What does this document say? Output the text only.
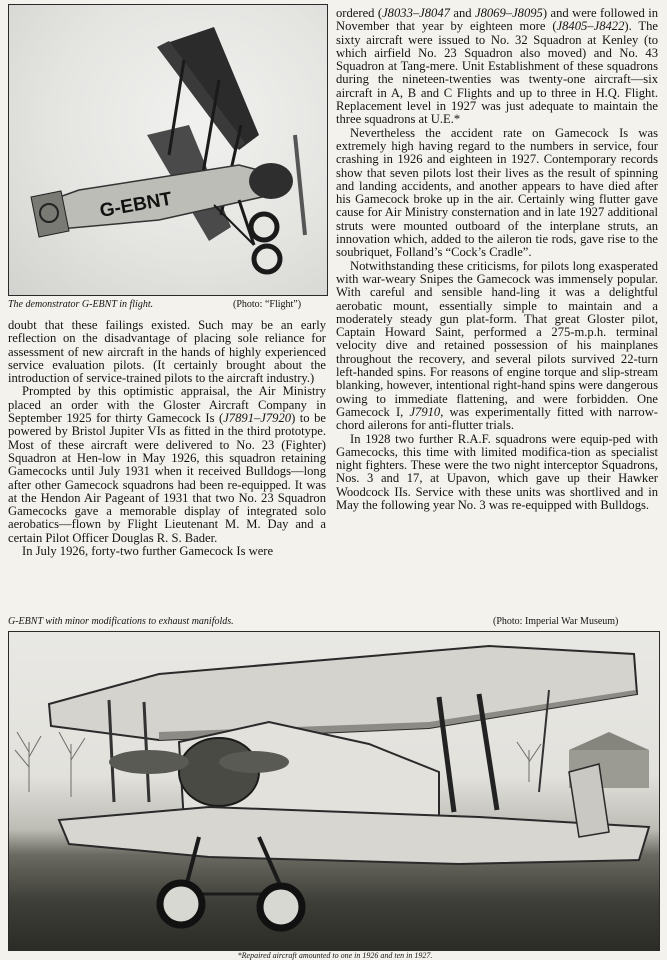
G-EBNT
The demonstrator G-EBNT in flight.	(Photo: “Flight”)

doubt that these failings existed. Such may be an early reflection on the disadvantage of placing sole reliance for assessment of new aircraft in the hands of highly experienced service evaluation pilots. (It certainly brought about the introduction of service-trained pilots to the aircraft industry.)

Prompted by this optimistic appraisal, the Air Ministry placed an order with the Gloster Aircraft Company in September 1925 for thirty Gamecock Is (J7891–J7920) to be powered by Bristol Jupiter VIs as fitted in the third prototype. Most of these aircraft were delivered to No. 23 (Fighter) Squadron at Hen-low in May 1926, this squadron retaining Gamecocks until July 1931 when it received Bulldogs—long after other Gamecock squadrons had been re-equipped. It was at the Hendon Air Pageant of 1931 that two No. 23 Squadron Gamecocks gave a memorable display of integrated solo aerobatics—flown by Flight Lieutenant M. M. Day and a certain Pilot Officer Douglas R. S. Bader.

In July 1926, forty-two further Gamecock Is were

ordered (J8033–J8047 and J8069–J8095) and were followed in November that year by eighteen more (J8405–J8422). The sixty aircraft were issued to No. 32 Squadron at Kenley (to which airfield No. 23 Squadron also moved) and No. 43 Squadron at Tang-mere. Unit Establishment of these squadrons during the nineteen-twenties was twenty-one aircraft—six aircraft in A, B and C Flights and up to three in H.Q. Flight. Replacement level in 1927 was just adequate to maintain the three squadrons at U.E.*

Nevertheless the accident rate on Gamecock Is was extremely high having regard to the numbers in service, four crashing in 1926 and eighteen in 1927. Contemporary records show that seven pilots lost their lives as the result of spinning and landing accidents, and another appears to have died after his Gamecock broke up in the air. Certainly wing flutter gave cause for Air Ministry consternation and in late 1927 additional struts were mounted outboard of the interplane struts, an innovation which, added to the aileron tie rods, gave rise to the soubriquet, Folland’s “Cock’s Cradle”.

Notwithstanding these criticisms, for pilots long exasperated with war-weary Snipes the Gamecock was immensely popular. With careful and sensible hand-ling it was a delightful aerobatic mount, essentially simple to maintain and a moderately steady gun plat-form. That great Gloster pilot, Captain Howard Saint, performed a 275-m.p.h. terminal velocity dive and retained possession of his mainplanes throughout the recovery, and several pilots survived 22-turn left-handed spins. For reasons of engine torque and slip-stream blanking, however, intentional right-hand spins were dangerous owing to immediate flattening, and were forbidden. One Gamecock I, J7910, was experimentally fitted with narrow-chord ailerons for anti-flutter trials.

In 1928 two further R.A.F. squadrons were equip-ped with Gamecocks, this time with limited modifica-tion as specialist night fighters. These were the two night interceptor Squadrons, Nos. 3 and 17, at Upavon, which gave up their Hawker Woodcock IIs. Service with these units was shortlived and in May the following year No. 3 was re-equipped with Bulldogs.

G-EBNT with minor modifications to exhaust manifolds.	(Photo: Imperial War Museum)
*Repaired aircraft amounted to one in 1926 and ten in 1927.
